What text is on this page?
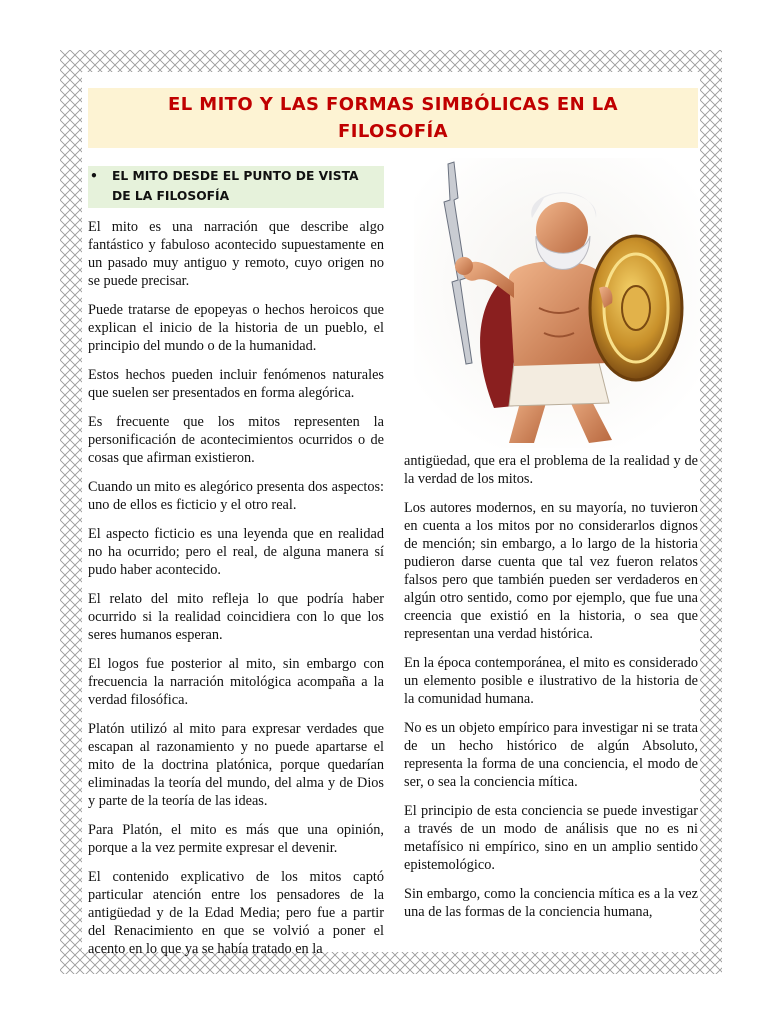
EL MITO Y LAS FORMAS SIMBÓLICAS EN LA
FILOSOFÍA
• EL MITO DESDE EL PUNTO DE VISTA
DE LA FILOSOFÍA

El mito es una narración que describe algo fantástico y fabuloso acontecido supuestamente en un pasado muy antiguo y remoto, cuyo origen no se puede precisar.

Puede tratarse de epopeyas o hechos heroicos que explican el inicio de la historia de un pueblo, el principio del mundo o de la humanidad.

Estos hechos pueden incluir fenómenos naturales que suelen ser presentados en forma alegórica.

Es frecuente que los mitos representen la personificación de acontecimientos ocurridos o de cosas que afirman existieron.

Cuando un mito es alegórico presenta dos aspectos: uno de ellos es ficticio y el otro real.

El aspecto ficticio es una leyenda que en realidad no ha ocurrido; pero el real, de alguna manera sí pudo haber acontecido.

El relato del mito refleja lo que podría haber ocurrido si la realidad coincidiera con lo que los seres humanos esperan.

El logos fue posterior al mito, sin embargo con frecuencia la narración mitológica acompaña a la verdad filosófica.

Platón utilizó al mito para expresar verdades que escapan al razonamiento y no puede apartarse el mito de la doctrina platónica, porque quedarían eliminadas la teoría del mundo, del alma y de Dios y parte de la teoría de las ideas.

Para Platón, el mito es más que una opinión, porque a la vez permite expresar el devenir.

El contenido explicativo de los mitos captó particular atención entre los pensadores de la antigüedad y de la Edad Media; pero fue a partir del Renacimiento en que se volvió a poner el acento en lo que ya se había tratado en la

antigüedad, que era el problema de la realidad y de la verdad de los mitos.

Los autores modernos, en su mayoría, no tuvieron en cuenta a los mitos por no considerarlos dignos de mención; sin embargo, a lo largo de la historia pudieron darse cuenta que tal vez fueron relatos falsos pero que también pueden ser verdaderos en algún otro sentido, como por ejemplo, que fue una creencia que existió en la historia, o sea que representan una verdad histórica.

En la época contemporánea, el mito es considerado un elemento posible e ilustrativo de la historia de la comunidad humana.

No es un objeto empírico para investigar ni se trata de un hecho histórico de algún Absoluto, representa la forma de una conciencia, el modo de ser, o sea la conciencia mítica.

El principio de esta conciencia se puede investigar a través de un modo de análisis que no es ni metafísico ni empírico, sino en un amplio sentido epistemológico.

Sin embargo, como la conciencia mítica es a la vez una de las formas de la conciencia humana,
